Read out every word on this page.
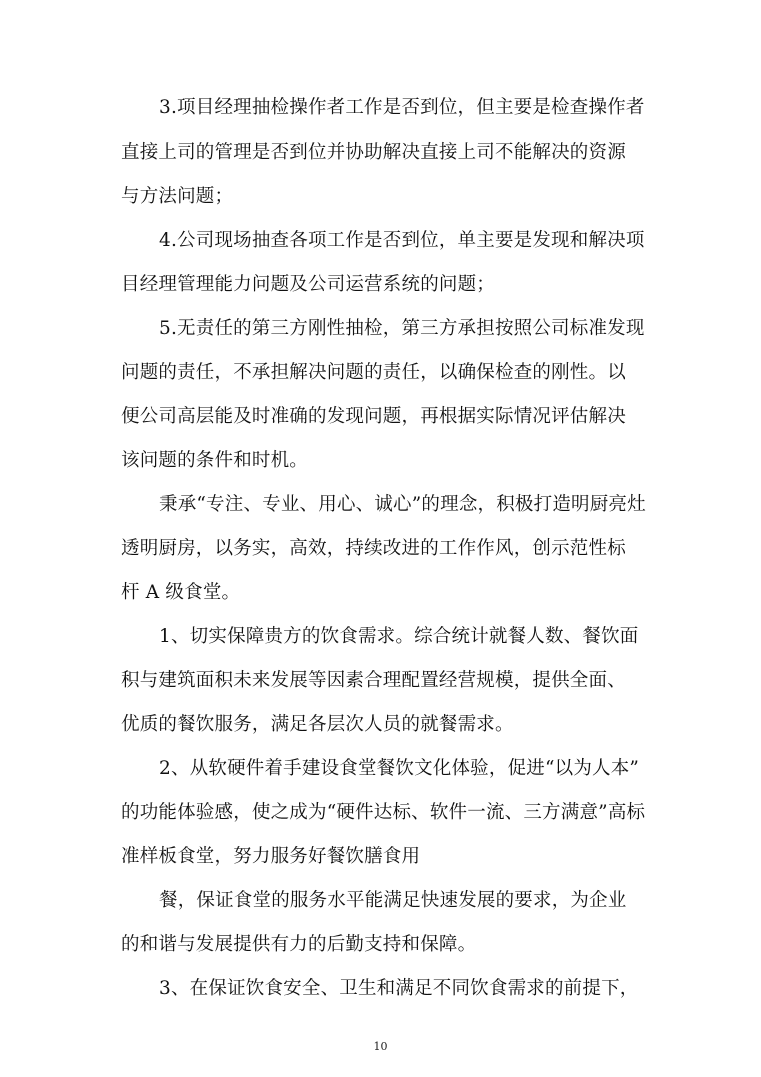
3.项目经理抽检操作者工作是否到位，但主要是检查操作者
直接上司的管理是否到位并协助解决直接上司不能解决的资源
与方法问题；
4.公司现场抽查各项工作是否到位，单主要是发现和解决项
目经理管理能力问题及公司运营系统的问题；
5.无责任的第三方刚性抽检，第三方承担按照公司标准发现
问题的责任，不承担解决问题的责任，以确保检查的刚性。以
便公司高层能及时准确的发现问题，再根据实际情况评估解决
该问题的条件和时机。
秉承“专注、专业、用心、诚心”的理念，积极打造明厨亮灶
透明厨房，以务实，高效，持续改进的工作作风，创示范性标
杆 A 级食堂。
1、切实保障贵方的饮食需求。综合统计就餐人数、餐饮面
积与建筑面积未来发展等因素合理配置经营规模，提供全面、
优质的餐饮服务，满足各层次人员的就餐需求。
2、从软硬件着手建设食堂餐饮文化体验，促进“以为人本”
的功能体验感，使之成为“硬件达标、软件一流、三方满意”高标
准样板食堂，努力服务好餐饮膳食用
餐，保证食堂的服务水平能满足快速发展的要求，为企业
的和谐与发展提供有力的后勤支持和保障。
3、在保证饮食安全、卫生和满足不同饮食需求的前提下，
10
